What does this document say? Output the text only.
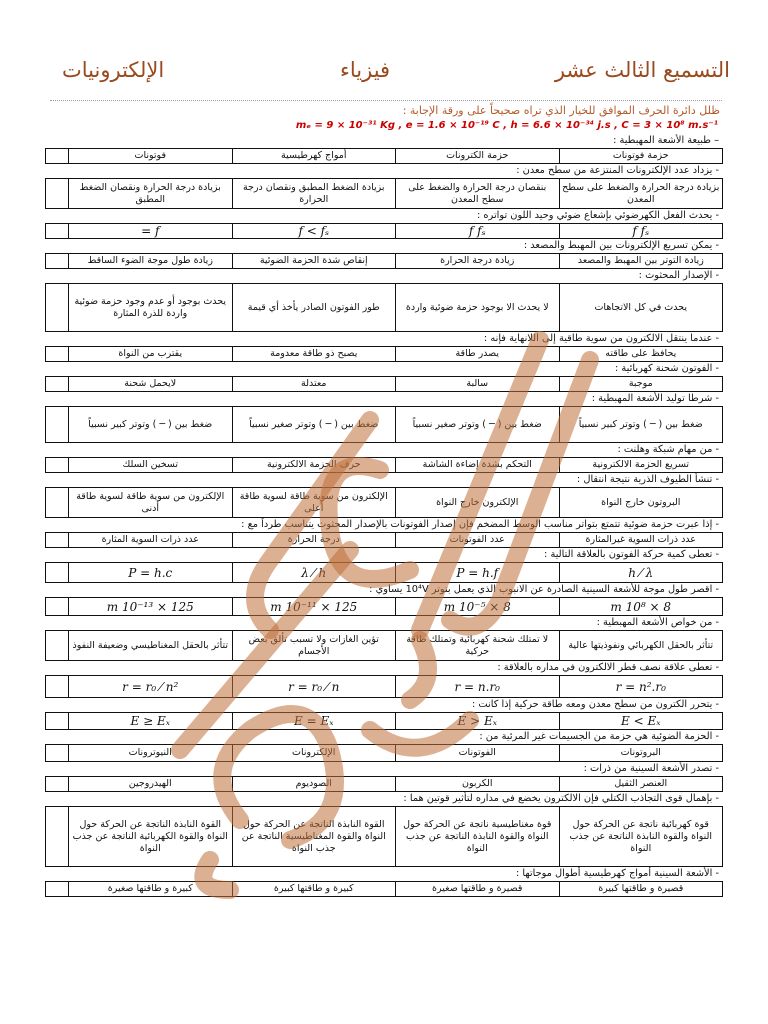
التسميع الثالث عشر
فيزياء
الإلكترونيات
ظلل دائرة الحرف الموافق للخيار الذي تراه صحيحاً على ورقة الإجابة :
mₑ = 9 × 10⁻³¹ Kg , e = 1.6 × 10⁻¹⁹ C , h = 6.6 × 10⁻³⁴ j.s , C = 3 × 10⁸ m.s⁻¹
– طبيعة الأشعة المهبطية :
حزمة فوتونات	حزمة الكترونات	أمواج كهرطيسية	فوتونات	
- يزداد عدد الإلكترونات المنتزعة من سطح معدن :
بزيادة درجة الحرارة والضغط على سطح المعدن	بنقصان درجة الحرارة والضغط على سطح المعدن	بزيادة الضغط المطبق ونقصان درجة الحرارة	بزيادة درجة الحرارة ونقصان الضغط المطبق	
- يحدث الفعل الكهرضوئي بإشعاع ضوئي وحيد اللون تواتره :
f fₛ	f fₛ	f < fₛ	f =	
- يمكن تسريع الإلكترونات بين المهبط والمصعد :
زيادة التوتر بين المهبط والمصعد	زيادة درجة الحرارة	إنقاص شدة الحزمة الضوئية	زيادة طول موجة الضوء الساقط	
- الإصدار المحثوث :
يحدث في كل الاتجاهات	لا يحدث الا بوجود حزمة ضوئية واردة	طور الفوتون الصادر يأخذ أي قيمة	يحدث بوجود أو عدم وجود حزمة ضوئية واردة للذرة المثارة	
- عندما ينتقل الالكترون من سوية طاقية إلى اللانهاية فإنه :
يحافظ على طاقته	يصدر طاقة	يصبح ذو طاقة معدومة	يقترب من النواة	
- الفوتون شحنة كهربائية :
موجبة	سالبة	معتدلة	لايحمل شحنة	
- شرطا توليد الأشعة المهبطية :
ضغط بين ( ─ ) وتوتر كبير نسبياً	ضغط بين ( ─ ) وتوتر صغير نسبياً	ضغط بين ( ─ ) وتوتر صغير نسبياً	ضغط بين ( ─ ) وتوتر كبير نسبياً	
- من مهام شبكة وهلنت :
تسريع الحزمة الالكترونية	التحكم بشدة إضاءة الشاشة	حرف الحزمة الالكترونية	تسخين السلك	
- تنشأ الطيوف الذرية نتيجة انتقال :
البروتون خارج النواة	الإلكترون خارج النواة	الإلكترون من سوية طاقة لسوية طاقة أعلى	الإلكترون من سوية طاقة لسوية طاقة أدنى	
- إذا عبرت حزمة ضوئية تتمتع بتواتر مناسب الوسط المضخم فإن إصدار الفوتونات بالإصدار المحثوث يتناسب طرداً مع :
عدد ذرات السوية غيرالمثارة	عدد الفوتونات	درجة الحرارة	عدد ذرات السوية المثارة	
- تعطى كمية حركة الفوتون بالعلاقة التالية :
h ⁄ λ	P = h.f	λ ⁄ h	P = h.c	
- اقصر طول موجة للأشعة السينية الصادرة عن الانبوب الذي يعمل بتوتر 10⁴V يساوي :
8 × 10⁸ m	8 × 10⁻⁵ m	125 × 10⁻¹¹ m	125 × 10⁻¹³ m	
- من خواص الأشعة المهبطية :
تتأثر بالحقل الكهربائي ونفوذيتها عالية	لا تمتلك شحنة كهربائية وتمتلك طاقة حركية	تؤين الغازات ولا تسبب تألق بعض الأجسام	تتأثر بالحقل المغناطيسي وضعيفة النفوذ	
- تعطى علاقة نصف قطر الالكترون في مداره بالعلاقة :
r = n².r₀	r = n.r₀	r = r₀ ⁄ n	r = r₀ ⁄ n²	
- يتحرر الكترون من سطح معدن ومعه طاقة حركية إذا كانت :
E < Eₓ	E > Eₓ	E = Eₓ	E ≥ Eₓ	
- الحزمة الضوئية هي حزمة من الجسيمات غير المرئية من :
البروتونات	الفوتونات	الإلكترونات	النيوترونات	
- تصدر الأشعة السينية من ذرات :
العنصر الثقيل	الكربون	الصوديوم	الهيدروجين	
- بإهمال قوى التجاذب الكتلي فإن الالكترون يخضع في مداره لتأثير قوتين هما :
قوة كهربائية ناتجة عن الحركة حول النواة والقوة النابذة الناتجة عن جذب النواة	قوة مغناطيسية ناتجة عن الحركة حول النواة والقوة النابذة الناتجة عن جذب النواة	القوة النابذة الناتجة عن الحركة حول النواة والقوة المغناطيسية الناتجة عن جذب النواة	القوة النابذة الناتجة عن الحركة حول النواة والقوة الكهربائية الناتجة عن جذب النواة	
- الأشعة السينية أمواج كهرطيسية أطوال موجاتها :
قصيرة و طاقتها كبيرة	قصيرة و طاقتها صغيرة	كبيرة و طاقتها كبيرة	كبيرة و طاقتها صغيرة	
